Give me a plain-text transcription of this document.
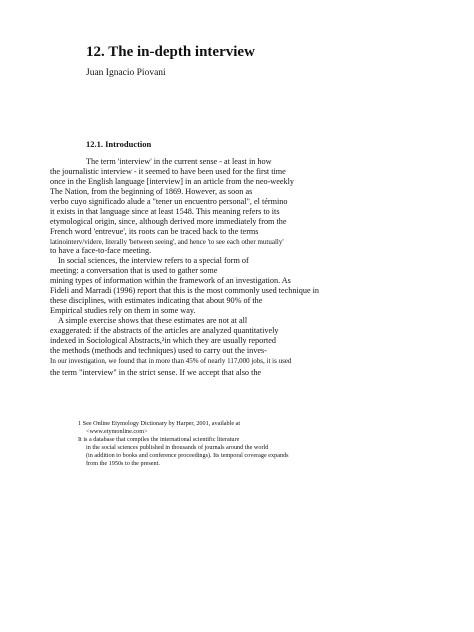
12. The in-depth interview
Juan Ignacio Piovani
12.1. Introduction
The term 'interview' in the current sense - at least in how
the journalistic interview - it seemed to have been used for the first time
once in the English language [interview] in an article from the neo-weekly
The Nation, from the beginning of 1869. However, as soon as
verbo cuyo significado alude a "tener un encuentro personal", el término
it exists in that language since at least 1548. This meaning refers to its
etymological origin, since, although derived more immediately from the
French word 'entrevue', its roots can be traced back to the terms
latinointerv/videre, literally 'between seeing', and hence 'to see each other mutually'
to have a face-to-face meeting.
In social sciences, the interview refers to a special form of
meeting: a conversation that is used to gather some
mining types of information within the framework of an investigation. As
Fideli and Marradi (1996) report that this is the most commonly used technique in
these disciplines, with estimates indicating that about 90% of the
Empirical studies rely on them in some way.
A simple exercise shows that these estimates are not at all
exaggerated: if the abstracts of the articles are analyzed quantitatively
indexed in Sociological Abstracts,²in which they are usually reported
the methods (methods and techniques) used to carry out the inves-
In our investigation, we found that in more than 45% of nearly 117,000 jobs, it is used
the term "interview" in the strict sense. If we accept that also the
1 See Online Etymology Dictionary by Harper, 2001, available at
<www.etymonline.com>
It is a database that compiles the international scientific literature
in the social sciences published in thousands of journals around the world
(in addition to books and conference proceedings). Its temporal coverage expands
from the 1950s to the present.
